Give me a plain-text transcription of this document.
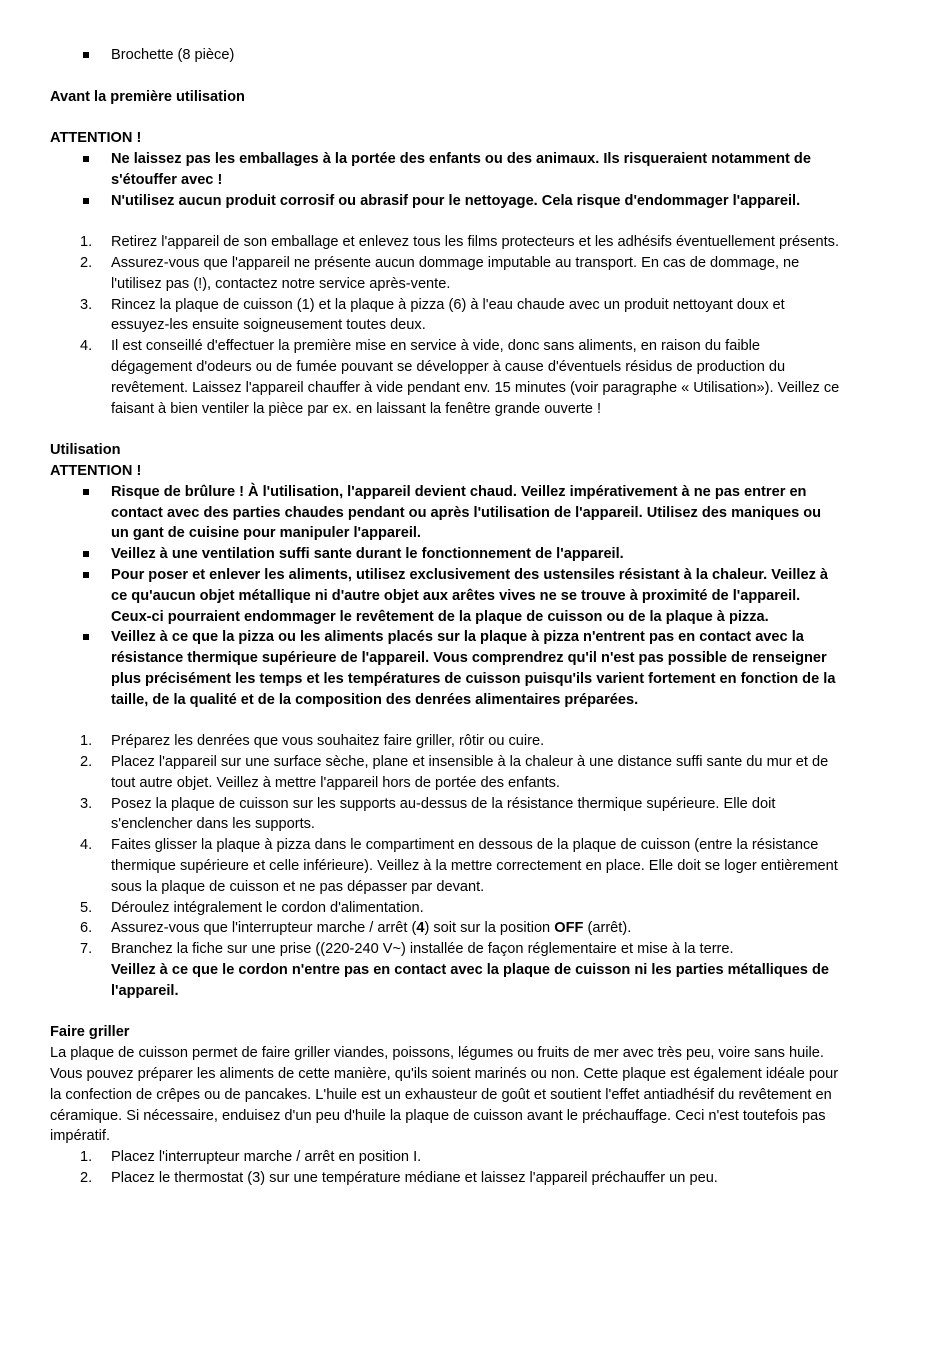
Brochette (8 pièce)

Avant la première utilisation

ATTENTION !

Ne laissez pas les emballages à la portée des enfants ou des animaux. Ils risqueraient notamment de s'étouffer avec !
N'utilisez aucun produit corrosif ou abrasif pour le nettoyage. Cela risque d'endommager l'appareil.
1. Retirez l'appareil de son emballage et enlevez tous les films protecteurs et les adhésifs éventuellement présents.
2. Assurez-vous que l'appareil ne présente aucun dommage imputable au transport. En cas de dommage, ne l'utilisez pas (!), contactez notre service après-vente.
3. Rincez la plaque de cuisson (1) et la plaque à pizza (6) à l'eau chaude avec un produit nettoyant doux et essuyez-les ensuite soigneusement toutes deux.
4. Il est conseillé d'effectuer la première mise en service à vide, donc sans aliments, en raison du faible dégagement d'odeurs ou de fumée pouvant se développer à cause d'éventuels résidus de production du revêtement. Laissez l'appareil chauffer à vide pendant env. 15 minutes (voir paragraphe « Utilisation»). Veillez ce faisant à bien ventiler la pièce par ex. en laissant la fenêtre grande ouverte !

Utilisation

ATTENTION !

Risque de brûlure ! À l'utilisation, l'appareil devient chaud. Veillez impérativement à ne pas entrer en contact avec des parties chaudes pendant ou après l'utilisation de l'appareil. Utilisez des maniques ou un gant de cuisine pour manipuler l'appareil.
Veillez à une ventilation suffi sante durant le fonctionnement de l'appareil.
Pour poser et enlever les aliments, utilisez exclusivement des ustensiles résistant à la chaleur. Veillez à ce qu'aucun objet métallique ni d'autre objet aux arêtes vives ne se trouve à proximité de l'appareil. Ceux-ci pourraient endommager le revêtement de la plaque de cuisson ou de la plaque à pizza.
Veillez à ce que la pizza ou les aliments placés sur la plaque à pizza n'entrent pas en contact avec la résistance thermique supérieure de l'appareil. Vous comprendrez qu'il n'est pas possible de renseigner plus précisément les temps et les températures de cuisson puisqu'ils varient fortement en fonction de la taille, de la qualité et de la composition des denrées alimentaires préparées.
1. Préparez les denrées que vous souhaitez faire griller, rôtir ou cuire.
2. Placez l'appareil sur une surface sèche, plane et insensible à la chaleur à une distance suffi sante du mur et de tout autre objet. Veillez à mettre l'appareil hors de portée des enfants.
3. Posez la plaque de cuisson sur les supports au-dessus de la résistance thermique supérieure. Elle doit s'enclencher dans les supports.
4. Faites glisser la plaque à pizza dans le compartiment en dessous de la plaque de cuisson (entre la résistance thermique supérieure et celle inférieure). Veillez à la mettre correctement en place. Elle doit se loger entièrement sous la plaque de cuisson et ne pas dépasser par devant.
5. Déroulez intégralement le cordon d'alimentation.
6. Assurez-vous que l'interrupteur marche / arrêt (4) soit sur la position OFF (arrêt).
7. Branchez la fiche sur une prise ((220-240 V~) installée de façon réglementaire et mise à la terre.
Veillez à ce que le cordon n'entre pas en contact avec la plaque de cuisson ni les parties métalliques de l'appareil.

Faire griller

La plaque de cuisson permet de faire griller viandes, poissons, légumes ou fruits de mer avec très peu, voire sans huile. Vous pouvez préparer les aliments de cette manière, qu'ils soient marinés ou non. Cette plaque est également idéale pour la confection de crêpes ou de pancakes. L'huile est un exhausteur de goût et soutient l'effet antiadhésif du revêtement en céramique. Si nécessaire, enduisez d'un peu d'huile la plaque de cuisson avant le préchauffage. Ceci n'est toutefois pas impératif.

1. Placez l'interrupteur marche / arrêt en position I.
2. Placez le thermostat (3) sur une température médiane et laissez l'appareil préchauffer un peu.
